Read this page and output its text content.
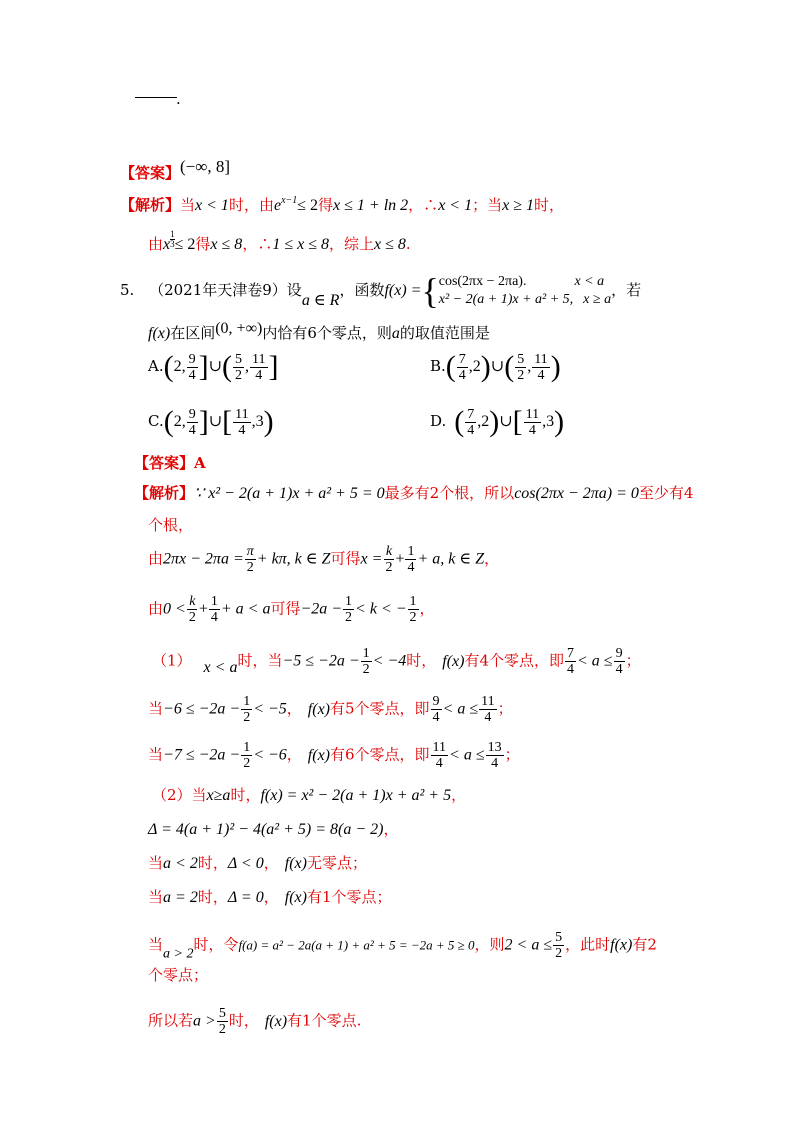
.
【答案】(−∞, 8]
【解析】当x < 1时，由$e^{x-1}\le 2$得x ≤ 1 + ln 2，∴x < 1；当x ≥ 1时，
由x $\frac{1}{3} \le 2$得x ≤ 8，∴1 ≤ x ≤ 8，综上x ≤ 8.
5. （2021年天津卷9）设a ∈ R，函数f(x) ={ cos(2πx − 2πa).	x < a
x² − 2(a + 1)x + a² + 5, x ≥ a
，若
f(x)在区间(0, +∞)内恰有6个零点，则a的取值范围是
A.(2, $\frac{9}{4}$ ]∪( $\frac{5}{2}$ , $\frac{11}{4}$ ]	$B.( \frac{7}{4}$ ,2)∪( $\frac{5}{2}$ , $\frac{11}{4}$ )
C.(2, $\frac{9}{4}$ ]∪[ $\frac{11}{4} ,3$)	D. ( $\frac{7}{4}$ ,2)∪[ $\frac{11}{4} ,3$)
【答案】A
【解析】∵ x² − 2(a + 1)x + a² + 5 = 0最多有2个根，所以cos(2πx − 2πa) = 0至少有4
个根，
由$2\pi x - 2\pi a = \frac{\pi}{2} + k\pi$, k ∈ Z可得$x = \frac{k}{2} + \frac{1}{4} + a$, k ∈ Z，
由$0 < \frac{k}{2} + \frac{1}{4} + a < a$可得$-2a - \frac{1}{2} < k$ < − $\frac{1}{2}$ ，
（1） x < a时，当$-5 \le -2a - \frac{1}{2} < -4$时， f(x)有4个零点，即 $\frac{7}{4} < a \le \frac{9}{4}$ ；
当$-6 \le -2a - \frac{1}{2} < -5$， f(x)有5个零点，即 $\frac{9}{4} < a \le \frac{11}{4}$ ；
当$-7 \le -2a - \frac{1}{2} < -6$， f(x)有6个零点，即 $\frac{11}{4} < a \le \frac{13}{4}$ ；
（2）当x≥a时，f(x) = x² − 2(a + 1)x + a² + 5，
Δ = 4(a + 1)² − 4(a² + 5) = 8(a − 2)，
当a < 2时，Δ < 0， f(x)无零点；
当a = 2时，Δ = 0， f(x)有1个零点；
当a > 2时，令f(a) = a² − 2a(a + 1) + a² + 5 = −2a + 5 ≥ 0，则$2 < a \le \frac{5}{2}$ ，此时f(x)有2
个零点；
所以若$a > \frac{5}{2}$ 时， f(x)有1个零点.
